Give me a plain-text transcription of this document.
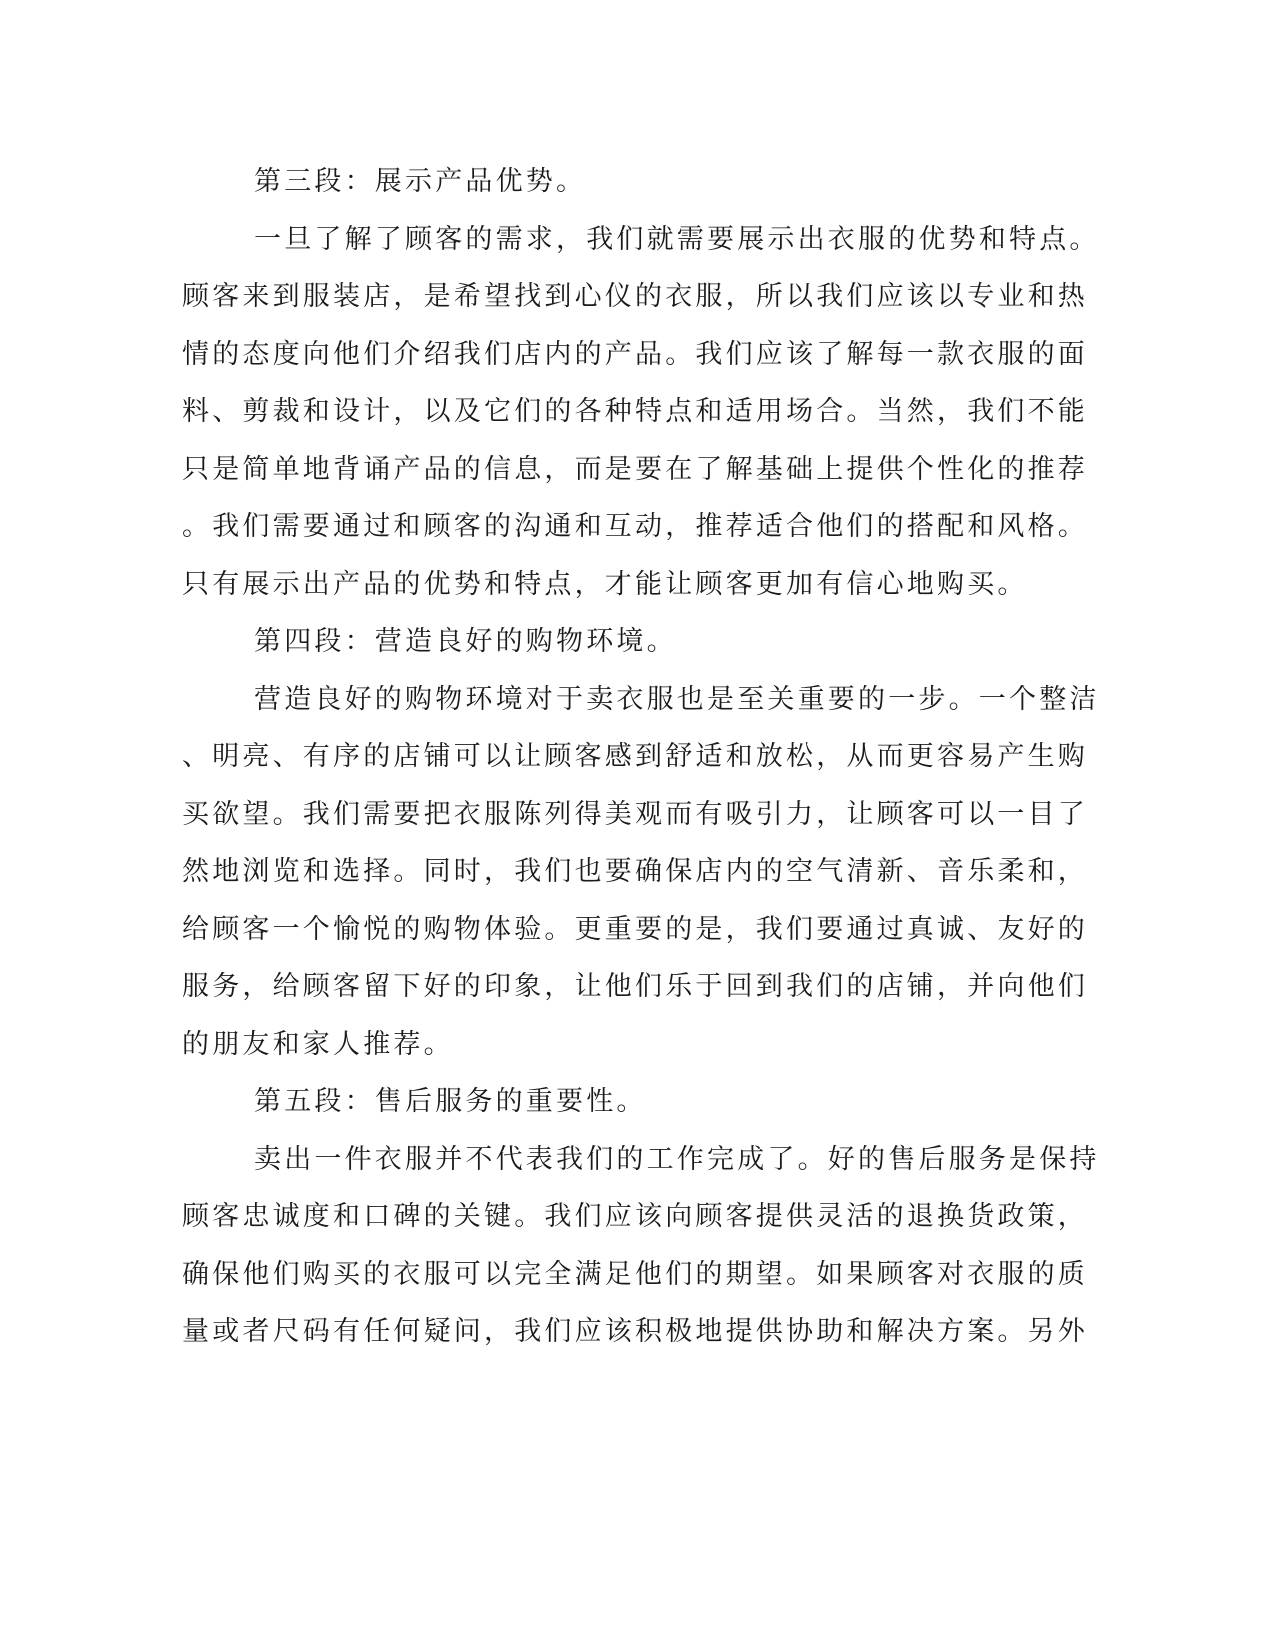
第三段：展示产品优势。
一旦了解了顾客的需求，我们就需要展示出衣服的优势和特点。
顾客来到服装店，是希望找到心仪的衣服，所以我们应该以专业和热
情的态度向他们介绍我们店内的产品。我们应该了解每一款衣服的面
料、剪裁和设计，以及它们的各种特点和适用场合。当然，我们不能
只是简单地背诵产品的信息，而是要在了解基础上提供个性化的推荐
。我们需要通过和顾客的沟通和互动，推荐适合他们的搭配和风格。
只有展示出产品的优势和特点，才能让顾客更加有信心地购买。
第四段：营造良好的购物环境。
营造良好的购物环境对于卖衣服也是至关重要的一步。一个整洁
、明亮、有序的店铺可以让顾客感到舒适和放松，从而更容易产生购
买欲望。我们需要把衣服陈列得美观而有吸引力，让顾客可以一目了
然地浏览和选择。同时，我们也要确保店内的空气清新、音乐柔和，
给顾客一个愉悦的购物体验。更重要的是，我们要通过真诚、友好的
服务，给顾客留下好的印象，让他们乐于回到我们的店铺，并向他们
的朋友和家人推荐。
第五段：售后服务的重要性。
卖出一件衣服并不代表我们的工作完成了。好的售后服务是保持
顾客忠诚度和口碑的关键。我们应该向顾客提供灵活的退换货政策，
确保他们购买的衣服可以完全满足他们的期望。如果顾客对衣服的质
量或者尺码有任何疑问，我们应该积极地提供协助和解决方案。另外
